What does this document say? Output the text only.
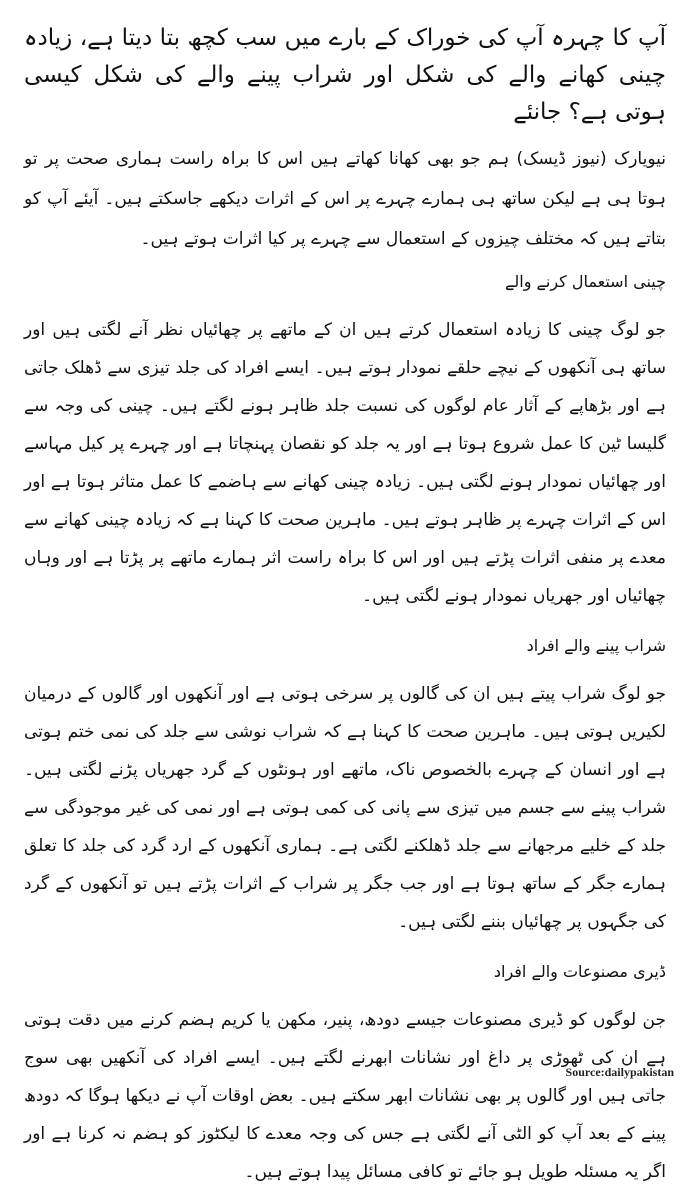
آپ کا چہرہ آپ کی خوراک کے بارے میں سب کچھ بتا دیتا ہے، زیادہ چینی کھانے والے کی شکل اور شراب پینے والے کی شکل کیسی ہوتی ہے؟ جانئے

نیویارک (نیوز ڈیسک) ہم جو بھی کھانا کھاتے ہیں اس کا براہ راست ہماری صحت پر تو ہوتا ہی ہے لیکن ساتھ ہی ہمارے چہرے پر اس کے اثرات دیکھے جاسکتے ہیں۔ آیئے آپ کو بتاتے ہیں کہ مختلف چیزوں کے استعمال سے چہرے پر کیا اثرات ہوتے ہیں۔

چینی استعمال کرنے والے

جو لوگ چینی کا زیادہ استعمال کرتے ہیں ان کے ماتھے پر چھائیاں نظر آنے لگتی ہیں اور ساتھ ہی آنکھوں کے نیچے حلقے نمودار ہوتے ہیں۔ ایسے افراد کی جلد تیزی سے ڈھلک جاتی ہے اور بڑھاپے کے آثار عام لوگوں کی نسبت جلد ظاہر ہونے لگتے ہیں۔ چینی کی وجہ سے گلیسا ٹین کا عمل شروع ہوتا ہے اور یہ جلد کو نقصان پہنچاتا ہے اور چہرے پر کیل مہاسے اور چھائیاں نمودار ہونے لگتی ہیں۔ زیادہ چینی کھانے سے ہاضمے کا عمل متاثر ہوتا ہے اور اس کے اثرات چہرے پر ظاہر ہوتے ہیں۔ ماہرین صحت کا کہنا ہے کہ زیادہ چینی کھانے سے معدے پر منفی اثرات پڑتے ہیں اور اس کا براہ راست اثر ہمارے ماتھے پر پڑتا ہے اور وہاں چھائیاں اور جھریاں نمودار ہونے لگتی ہیں۔

شراب پینے والے افراد

جو لوگ شراب پیتے ہیں ان کی گالوں پر سرخی ہوتی ہے اور آنکھوں اور گالوں کے درمیان لکیریں ہوتی ہیں۔ ماہرین صحت کا کہنا ہے کہ شراب نوشی سے جلد کی نمی ختم ہوتی ہے اور انسان کے چہرے بالخصوص ناک، ماتھے اور ہونٹوں کے گرد جھریاں پڑنے لگتی ہیں۔ شراب پینے سے جسم میں تیزی سے پانی کی کمی ہوتی ہے اور نمی کی غیر موجودگی سے جلد کے خلیے مرجھانے سے جلد ڈھلکنے لگتی ہے۔ ہماری آنکھوں کے ارد گرد کی جلد کا تعلق ہمارے جگر کے ساتھ ہوتا ہے اور جب جگر پر شراب کے اثرات پڑتے ہیں تو آنکھوں کے گرد کی جگہوں پر چھائیاں بننے لگتی ہیں۔

ڈیری مصنوعات والے افراد

جن لوگوں کو ڈیری مصنوعات جیسے دودھ، پنیر، مکھن یا کریم ہضم کرنے میں دقت ہوتی ہے ان کی ٹھوڑی پر داغ اور نشانات ابھرنے لگتے ہیں۔ ایسے افراد کی آنکھیں بھی سوج جاتی ہیں اور گالوں پر بھی نشانات ابھر سکتے ہیں۔ بعض اوقات آپ نے دیکھا ہوگا کہ دودھ پینے کے بعد آپ کو الٹی آنے لگتی ہے جس کی وجہ معدے کا لیکٹوز کو ہضم نہ کرنا ہے اور اگر یہ مسئلہ طویل ہو جائے تو کافی مسائل پیدا ہوتے ہیں۔

Source:dailypakistan
